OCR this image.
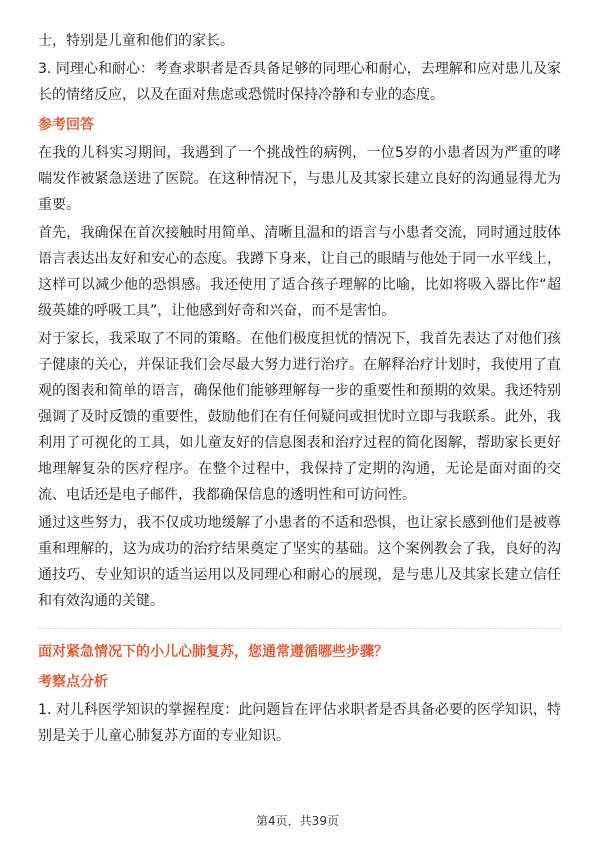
士，特别是儿童和他们的家长。

3. 同理心和耐心：考查求职者是否具备足够的同理心和耐心，去理解和应对患儿及家长的情绪反应，以及在面对焦虑或恐慌时保持冷静和专业的态度。

参考回答

在我的儿科实习期间，我遇到了一个挑战性的病例，一位5岁的小患者因为严重的哮喘发作被紧急送进了医院。在这种情况下，与患儿及其家长建立良好的沟通显得尤为重要。

首先，我确保在首次接触时用简单、清晰且温和的语言与小患者交流，同时通过肢体语言表达出友好和安心的态度。我蹲下身来，让自己的眼睛与他处于同一水平线上，这样可以减少他的恐惧感。我还使用了适合孩子理解的比喻，比如将吸入器比作“超级英雄的呼吸工具”，让他感到好奇和兴奋，而不是害怕。

对于家长，我采取了不同的策略。在他们极度担忧的情况下，我首先表达了对他们孩子健康的关心，并保证我们会尽最大努力进行治疗。在解释治疗计划时，我使用了直观的图表和简单的语言，确保他们能够理解每一步的重要性和预期的效果。我还特别强调了及时反馈的重要性，鼓励他们在有任何疑问或担忧时立即与我联系。此外，我利用了可视化的工具，如儿童友好的信息图表和治疗过程的简化图解，帮助家长更好地理解复杂的医疗程序。在整个过程中，我保持了定期的沟通，无论是面对面的交流、电话还是电子邮件，我都确保信息的透明性和可访问性。

通过这些努力，我不仅成功地缓解了小患者的不适和恐惧，也让家长感到他们是被尊重和理解的，这为成功的治疗结果奠定了坚实的基础。这个案例教会了我，良好的沟通技巧、专业知识的适当运用以及同理心和耐心的展现，是与患儿及其家长建立信任和有效沟通的关键。

面对紧急情况下的小儿心肺复苏，您通常遵循哪些步骤？
考察点分析

1. 对儿科医学知识的掌握程度：此问题旨在评估求职者是否具备必要的医学知识，特别是关于儿童心肺复苏方面的专业知识。

第4页，共39页
